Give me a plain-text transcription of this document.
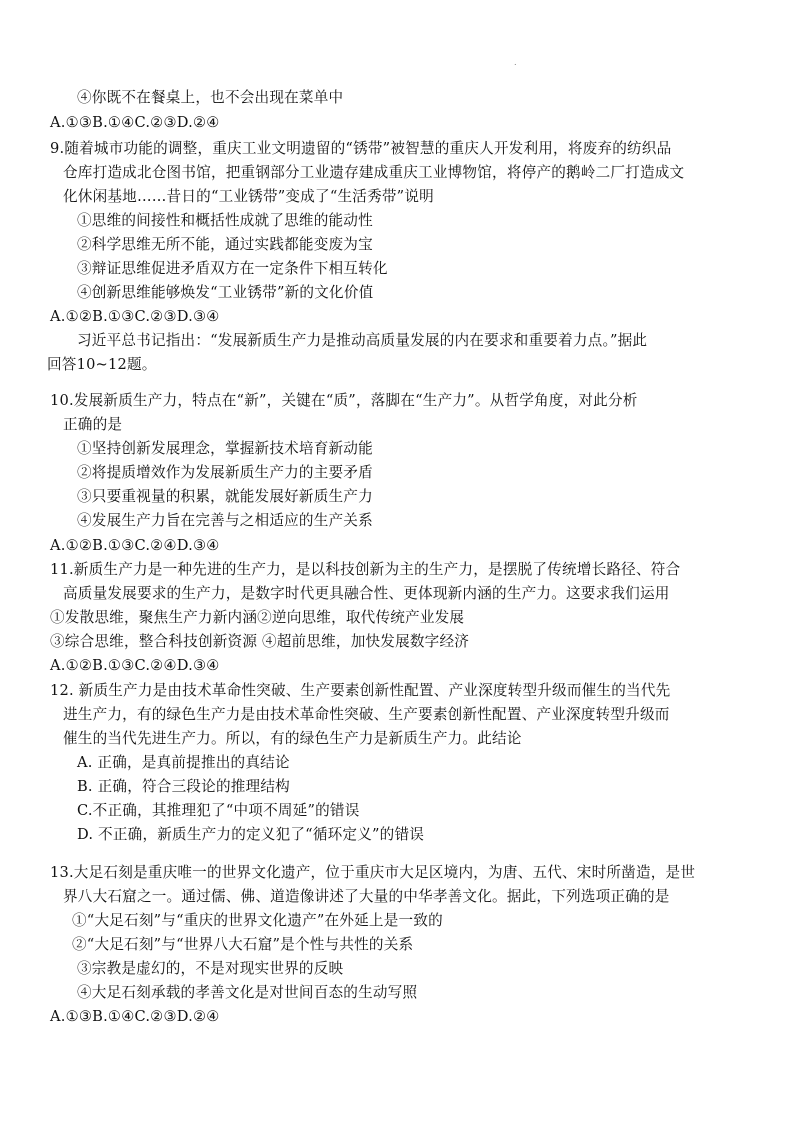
.
④你既不在餐桌上，也不会出现在菜单中
A.①③B.①④C.②③D.②④
9.随着城市功能的调整，重庆工业文明遗留的“锈带”被智慧的重庆人开发利用，将废弃的纺织品
仓库打造成北仓图书馆，把重钢部分工业遗存建成重庆工业博物馆，将停产的鹅岭二厂打造成文
化休闲基地……昔日的“工业锈带”变成了“生活秀带”说明
①思维的间接性和概括性成就了思维的能动性
②科学思维无所不能，通过实践都能变废为宝
③辩证思维促进矛盾双方在一定条件下相互转化
④创新思维能够焕发“工业锈带”新的文化价值
A.①②B.①③C.②③D.③④
习近平总书记指出：“发展新质生产力是推动高质量发展的内在要求和重要着力点。”据此
回答10~12题。
10.发展新质生产力，特点在“新”，关键在“质”，落脚在“生产力”。从哲学角度，对此分析
正确的是
①坚持创新发展理念，掌握新技术培育新动能
②将提质增效作为发展新质生产力的主要矛盾
③只要重视量的积累，就能发展好新质生产力
④发展生产力旨在完善与之相适应的生产关系
A.①②B.①③C.②④D.③④
11.新质生产力是一种先进的生产力，是以科技创新为主的生产力，是摆脱了传统增长路径、符合
高质量发展要求的生产力，是数字时代更具融合性、更体现新内涵的生产力。这要求我们运用
①发散思维，聚焦生产力新内涵②逆向思维，取代传统产业发展
③综合思维，整合科技创新资源 ④超前思维，加快发展数字经济
A.①②B.①③C.②④D.③④
12. 新质生产力是由技术革命性突破、生产要素创新性配置、产业深度转型升级而催生的当代先
进生产力，有的绿色生产力是由技术革命性突破、生产要素创新性配置、产业深度转型升级而
催生的当代先进生产力。所以，有的绿色生产力是新质生产力。此结论
A. 正确，是真前提推出的真结论
B. 正确，符合三段论的推理结构
C.不正确，其推理犯了“中项不周延”的错误
D. 不正确，新质生产力的定义犯了“循环定义”的错误
13.大足石刻是重庆唯一的世界文化遗产，位于重庆市大足区境内，为唐、五代、宋时所凿造，是世
界八大石窟之一。通过儒、佛、道造像讲述了大量的中华孝善文化。据此，下列选项正确的是
①“大足石刻”与“重庆的世界文化遗产”在外延上是一致的
②“大足石刻”与“世界八大石窟”是个性与共性的关系
③宗教是虚幻的，不是对现实世界的反映
④大足石刻承载的孝善文化是对世间百态的生动写照
A.①③B.①④C.②③D.②④
